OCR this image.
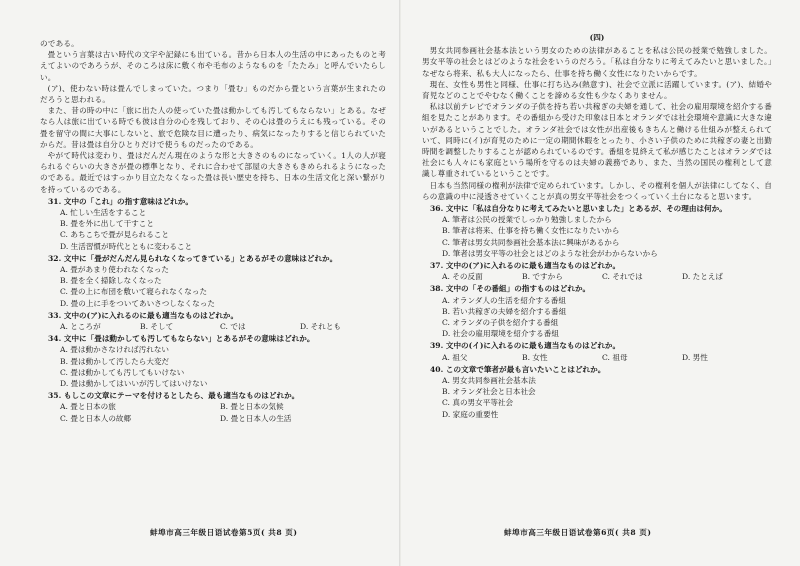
のである。

畳という言葉は古い時代の文字や記録にも出ている。昔から日本人の生活の中にあったものと考えてよいのであろうが、そのころは床に敷く布や毛布のようなものを「たたみ」と呼んでいたらしい。

(ア)、使わない時は畳んでしまっていた。つまり「畳む」ものだから畳という言葉が生まれたのだろうと思われる。

また、昔の時の中に「旅に出た人の使っていた畳は動かしても汚してもならない」とある。なぜなら人は旅に出ている時でも彼は自分の心を残しており、その心は畳のうえにも残っている。その畳を留守の間に大事にしないと、旅で危険な目に遭ったり、病気になったりすると信じられていたからだ。昔は畳は自分ひとりだけで使うものだったのである。

やがて時代は変わり、畳はだんだん現在のような形と大きさのものになっていく。1人の人が寝られるぐらいの大きさが畳の標準となり、それに合わせて部屋の大きさもきめられるようになったのである。最近ではすっかり目立たなくなった畳は長い歴史を持ち、日本の生活文化と深い繋がりを持っているのである。

31. 文中の「これ」の指す意味はどれか。
A. 忙しい生活をすること
B. 畳を外に出して干すこと
C. あちこちで畳が見られること
D. 生活習慣が時代とともに変わること
32. 文中に「畳がだんだん見られなくなってきている」とあるがその意味はどれか。
A. 畳があまり使われなくなった
B. 畳を全く掃除しなくなった
C. 畳の上に布団を敷いて寝られなくなった
D. 畳の上に手をついてあいさつしなくなった
33. 文中の(ア)に入れるのに最も適当なものはどれか。
A. ところが	B. そして	C. では	D. それとも
34. 文中に「畳は動かしても汚してもならない」とあるがその意味はどれか。
A. 畳は動かさなければ汚れない
B. 畳は動かして汚したら大変だ
C. 畳は動かしても汚してもいけない
D. 畳は動かしてはいいが汚してはいけない
35. もしこの文章にテーマを付けるとしたら、最も適当なものはどれか。
A. 畳と日本の旅	B. 畳と日本の気候
C. 畳と日本人の故郷	D. 畳と日本人の生活
蚌埠市高三年级日语试卷第5页( 共8 页)
(四)

男女共同参画社会基本法という男女のための法律があることを私は公民の授業で勉強しました。男女平等の社会とはどのような社会をいうのだろう。「私は自分なりに考えてみたいと思いました。」なぜなら将来、私も大人になったら、仕事を持ち働く女性になりたいからです。

現在、女性も男性と同様、仕事に打ち込み(熱意す)、社会で立派に活躍しています。(ア)、結婚や育児などのことでやむなく働くことを諦める女性も少なくありません。

私は以前テレビでオランダの子供を持ち若い共稼ぎの夫婦を通して、社会の雇用環境を紹介する番組を見たことがあります。その番組から受けた印象は日本とオランダでは社会環境や意識に大きな違いがあるということでした。オランダ社会では女性が出産後もきちんと働ける仕組みが整えられていて、同時に(イ)が育児のために一定の期間休暇をとったり、小さい子供のために共稼ぎの妻と出勤時間を調整したりすることが認められているのです。番組を見終えて私が感じたことはオランダでは社会にも人々にも家庭という場所を守るのは夫婦の義務であり、また、当然の国民の権利として意識し尊重されているということです。

日本も当然同様の権利が法律で定められています。しかし、その権利を個人が法律にしてなく、自らの意識の中に浸透させていくことが真の男女平等社会をつくっていく土台になると思います。

36. 文中に「私は自分なりに考えてみたいと思いました」とあるが、その理由は何か。
A. 筆者は公民の授業でしっかり勉強しましたから
B. 筆者は将来、仕事を持ち働く女性になりたいから
C. 筆者は男女共同参画社会基本法に興味があるから
D. 筆者は男女平等の社会とはどのような社会がわからないから
37. 文中の(ア)に入れるのに最も適当なものはどれか。
A. その反面	B. ですから	C. それでは	D. たとえば
38. 文中の「その番組」の指すものはどれか。
A. オランダ人の生活を紹介する番組
B. 若い共稼ぎの夫婦を紹介する番組
C. オランダの子供を紹介する番組
D. 社会の雇用環境を紹介する番組
39. 文中の(イ)に入れるのに最も適当なものはどれか。
A. 祖父	B. 女性	C. 祖母	D. 男性
40. この文章で筆者が最も言いたいことはどれか。
A. 男女共同参画社会基本法
B. オランダ社会と日本社会
C. 真の男女平等社会
D. 家庭の重要性
蚌埠市高三年级日语试卷第6页( 共8 页)
